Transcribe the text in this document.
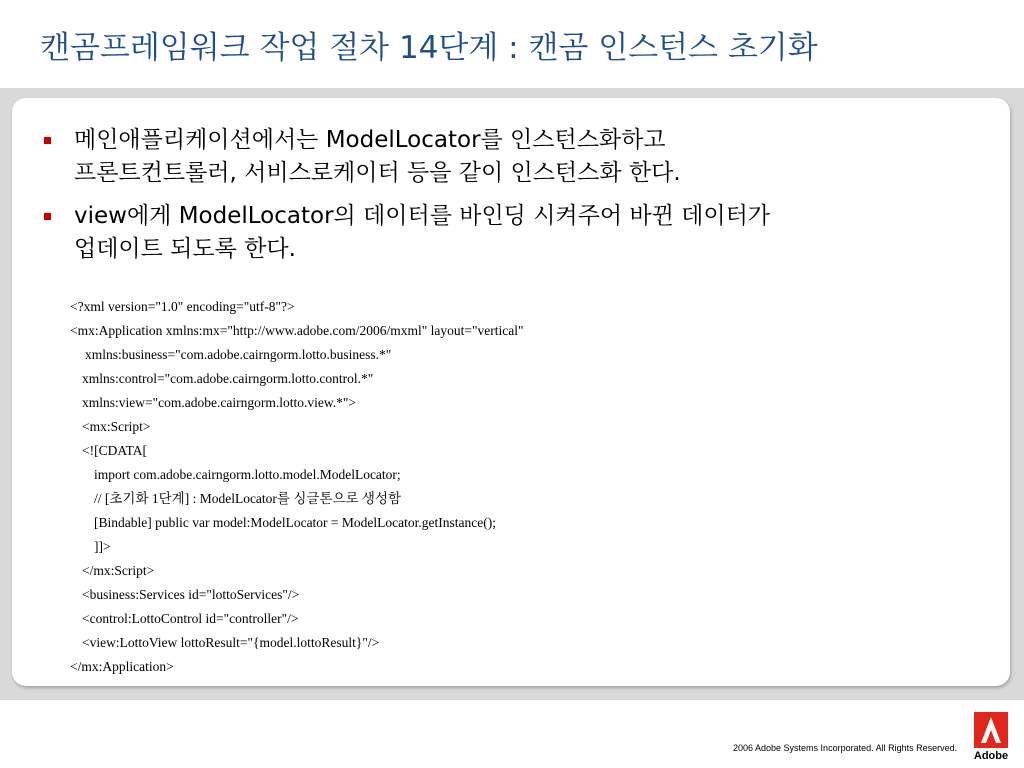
캔곰프레임워크 작업 절차 14단계 : 캔곰 인스턴스 초기화
메인애플리케이션에서는 ModelLocator를 인스턴스화하고
프론트컨트롤러, 서비스로케이터 등을 같이 인스턴스화 한다.
view에게 ModelLocator의 데이터를 바인딩 시켜주어 바뀐 데이터가
업데이트 되도록 한다.
<?xml version="1.0" encoding="utf-8"?>
<mx:Application xmlns:mx="http://www.adobe.com/2006/mxml" layout="vertical"
xmlns:business="com.adobe.cairngorm.lotto.business.*"
xmlns:control="com.adobe.cairngorm.lotto.control.*"
xmlns:view="com.adobe.cairngorm.lotto.view.*">
<mx:Script>
<![CDATA[
import com.adobe.cairngorm.lotto.model.ModelLocator;
// [초기화 1단계] : ModelLocator를 싱글톤으로 생성함
[Bindable] public var model:ModelLocator = ModelLocator.getInstance();
]]>
</mx:Script>
<business:Services id="lottoServices"/>
<control:LottoControl id="controller"/>
<view:LottoView lottoResult="{model.lottoResult}"/>
</mx:Application>
2006 Adobe Systems Incorporated. All Rights Reserved.
Adobe
